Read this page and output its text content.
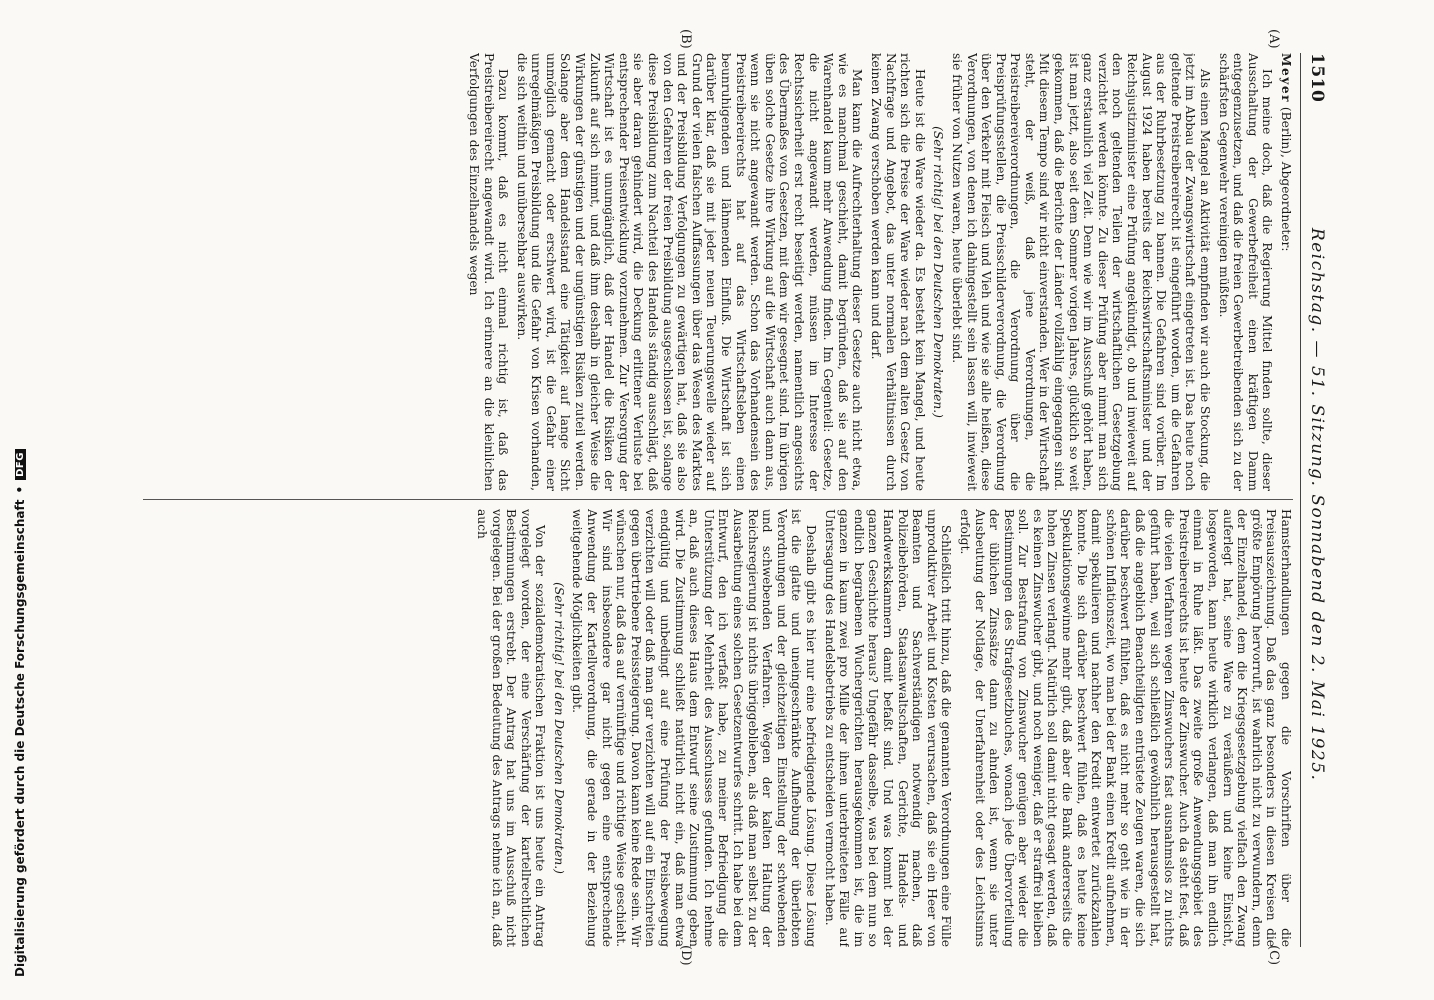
Digitalisierung gefördert durch die Deutsche Forschungsgemeinschaft
•
DFG
1510
Reichstag. — 51. Sitzung. Sonnabend den 2. Mai 1925.
(A)
(B)
(C)
(D)

Meyer (Berlin), Abgeordneter:

Ich meine doch, daß die Regierung Mittel finden sollte, dieser Ausschaltung der Gewerbefreiheit einen kräftigen Damm entgegenzusetzen, und daß die freien Gewerbetreibenden sich zu der schärfsten Gegenwehr vereinigen müßten.

Als einen Mangel an Aktivität empfinden wir auch die Stockung, die jetzt im Abbau der Zwangswirtschaft eingetreten ist. Das heute noch geltende Preistreibereirecht ist eingeführt worden, um die Gefahren aus der Ruhrbesetzung zu bannen. Die Gefahren sind vorüber. Im August 1924 haben bereits der Reichswirtschaftsminister und der Reichsjustizminister eine Prüfung angekündigt, ob und inwieweit auf den noch geltenden Teilen der wirtschaftlichen Gesetzgebung verzichtet werden könnte. Zu dieser Prüfung aber nimmt man sich ganz erstaunlich viel Zeit. Denn wie wir im Ausschuß gehört haben, ist man jetzt, also seit dem Sommer vorigen Jahres, glücklich so weit gekommen, daß die Berichte der Länder vollzählig eingegangen sind. Mit diesem Tempo sind wir nicht einverstanden. Wer in der Wirtschaft steht, der weiß, daß jene Verordnungen, die Preistreibereiverordnungen, die Verordnung über die Preisprüfungsstellen, die Preisschilderverordnung, die Verordnung über den Verkehr mit Fleisch und Vieh und wie sie alle heißen, diese Verordnungen, von denen ich dahingestellt sein lassen will, inwieweit sie früher von Nutzen waren, heute überlebt sind.

(Sehr richtig! bei den Deutschen Demokraten.)

Heute ist die Ware wieder da. Es besteht kein Mangel, und heute richten sich die Preise der Ware wieder nach dem alten Gesetz von Nachfrage und Angebot, das unter normalen Verhältnissen durch keinen Zwang verschoben werden kann und darf.

Man kann die Aufrechterhaltung dieser Gesetze auch nicht etwa, wie es manchmal geschieht, damit begründen, daß sie auf den Warenhandel kaum mehr Anwendung finden. Im Gegenteil: Gesetze, die nicht angewandt werden, müssen im Interesse der Rechtssicherheit erst recht beseitigt werden, namentlich angesichts des Übermaßes von Gesetzen, mit dem wir gesegnet sind. Im übrigen üben solche Gesetze ihre Wirkung auf die Wirtschaft auch dann aus, wenn sie nicht angewandt werden. Schon das Vorhandensein des Preistreibereirechts hat auf das Wirtschaftsleben einen beunruhigenden und lähmenden Einfluß. Die Wirtschaft ist sich darüber klar, daß sie mit jeder neuen Teuerungswelle wieder auf Grund der vielen falschen Auffassungen über das Wesen des Marktes und der Preisbildung Verfolgungen zu gewärtigen hat, daß sie also von den Gefahren der freien Preisbildung ausgeschlossen ist, solange diese Preisbildung zum Nachteil des Handels ständig ausschlägt, daß sie aber daran gehindert wird, die Deckung erlittener Verluste bei entsprechender Preisentwicklung vorzunehmen. Zur Versorgung der Wirtschaft ist es unumgänglich, daß der Handel die Risiken der Zukunft auf sich nimmt, und daß ihm deshalb in gleicher Weise die Wirkungen der günstigen und der ungünstigen Risiken zuteil werden. Solange aber dem Handelsstand eine Tätigkeit auf lange Sicht unmöglich gemacht oder erschwert wird, ist die Gefahr einer unregelmäßigen Preisbildung und die Gefahr von Krisen vorhanden, die sich weithin und unübersehbar auswirken.

Dazu kommt, daß es nicht einmal richtig ist, daß das Preistreibereirecht angewandt wird. Ich erinnere an die kleinlichen Verfolgungen des Einzelhandels wegen

Hamsterhandlungen gegen die Vorschriften über die Preisauszeichnung. Daß das ganz besonders in diesen Kreisen die größte Empörung hervorruft, ist wahrlich nicht zu verwundern, denn der Einzelhandel, dem die Kriegsgesetzgebung vielfach den Zwang auferlegt hat, seine Ware zu veräußern und keine Einsicht, losgeworden, kann heute wirklich verlangen, daß man ihn endlich einmal in Ruhe läßt. Das zweite große Anwendungsgebiet des Preistreibereirechts ist heute der Zinswucher. Auch da steht fest, daß die vielen Verfahren wegen Zinswuchers fast ausnahmslos zu nichts geführt haben, weil sich schließlich gewöhnlich herausgestellt hat, daß die angeblich Benachteiligten entrüstete Zeugen waren, die sich darüber beschwert fühlten, daß es nicht mehr so geht wie in der schönen Inflationszeit, wo man bei der Bank einen Kredit aufnehmen, damit spekulieren und nachher den Kredit entwertet zurückzahlen konnte. Die sich darüber beschwert fühlen, daß es heute keine Spekulationsgewinne mehr gibt, daß aber die Bank andererseits die hohen Zinsen verlangt. Natürlich soll damit nicht gesagt werden, daß es keinen Zinswucher gibt, und noch weniger, daß er straffrei bleiben soll. Zur Bestrafung von Zinswucher genügen aber wieder die Bestimmungen des Strafgesetzbuches, wonach jede Übervorteilung der üblichen Zinssätze dann zu ahnden ist, wenn sie unter Ausbeutung der Notlage, der Unerfahrenheit oder des Leichtsinns erfolgt.

Schließlich tritt hinzu, daß die genannten Verordnungen eine Fülle unproduktiver Arbeit und Kosten verursachen, daß sie ein Heer von Beamten und Sachverständigen notwendig machen, daß Polizeibehörden, Staatsanwaltschaften, Gerichte, Handels- und Handwerkskammern damit befaßt sind. Und was kommt bei der ganzen Geschichte heraus? Ungefähr dasselbe, was bei dem nun so endlich begrabenen Wuchergerichten herausgekommen ist, die im ganzen in kaum zwei pro Mille der ihnen unterbreiteten Fälle auf Untersagung des Handelsbetriebs zu entscheiden vermocht haben.

Deshalb gibt es hier nur eine befriedigende Lösung. Diese Lösung ist die glatte und uneingeschränkte Aufhebung der überlebten Verordnungen und der gleichzeitigen Einstellung der schwebenden und schwebenden Verfahren. Wegen der kalten Haltung der Reichsregierung ist nichts übriggeblieben, als daß man selbst zu der Ausarbeitung eines solchen Gesetzentwurfes schritt. Ich habe bei dem Entwurf, den ich verfaßt habe, zu meiner Befriedigung die Unterstützung der Mehrheit des Ausschusses gefunden. Ich nehme an, daß auch dieses Haus dem Entwurf seine Zustimmung geben wird. Die Zustimmung schließt natürlich nicht ein, daß man etwa endgültig und unbedingt auf eine Prüfung der Preisbewegung verzichten will oder daß man gar verzichten will auf ein Einschreiten gegen übertriebene Preissteigerung. Davon kann keine Rede sein. Wir wünschen nur, daß das auf vernünftige und richtige Weise geschieht. Wir sind insbesondere gar nicht gegen eine entsprechende Anwendung der Kartellverordnung, die gerade in der Beziehung weitgehende Möglichkeiten gibt.

(Sehr richtig! bei den Deutschen Demokraten.)

Von der sozialdemokratischen Fraktion ist uns heute ein Antrag vorgelegt worden, der eine Verschärfung der kartellrechtlichen Bestimmungen erstrebt. Der Antrag hat uns im Ausschuß nicht vorgelegen. Bei der großen Bedeutung des Antrags nehme ich an, daß auch
